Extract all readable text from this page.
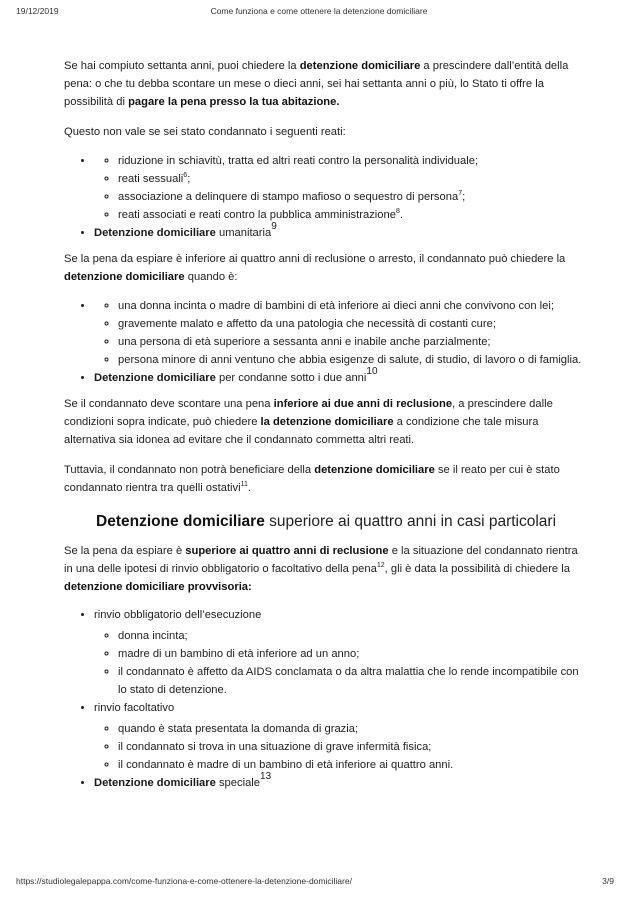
19/12/2019	Come funziona e come ottenere la detenzione domiciliare

Se hai compiuto settanta anni, puoi chiedere la detenzione domiciliare a prescindere dall’entità della pena: o che tu debba scontare un mese o dieci anni, sei hai settanta anni o più, lo Stato ti offre la possibilità di pagare la pena presso la tua abitazione.

Questo non vale se sei stato condannato i seguenti reati:

◦ • riduzione in schiavitù, tratta ed altri reati contro la personalità individuale;
◦ reati sessuali$^6$;
◦ associazione a delinquere di stampo mafioso o sequestro di persona$^7$;
◦ reati associati e reati contro la pubblica amministrazione$^8$.
• Detenzione domiciliare umanitaria$^9$

Se la pena da espiare è inferiore ai quattro anni di reclusione o arresto, il condannato può chiedere la detenzione domiciliare quando è:

◦ • una donna incinta o madre di bambini di età inferiore ai dieci anni che convivono con lei;
◦ gravemente malato e affetto da una patologia che necessità di costanti cure;
◦ una persona di età superiore a sessanta anni e inabile anche parzialmente;
◦ persona minore di anni ventuno che abbia esigenze di salute, di studio, di lavoro o di famiglia.
• Detenzione domiciliare per condanne sotto i due anni$^{10}$

Se il condannato deve scontare una pena inferiore ai due anni di reclusione, a prescindere dalle condizioni sopra indicate, può chiedere la detenzione domiciliare a condizione che tale misura alternativa sia idonea ad evitare che il condannato commetta altri reati.

Tuttavia, il condannato non potrà beneficiare della detenzione domiciliare se il reato per cui è stato condannato rientra tra quelli ostativi$^{11}$.

Detenzione domiciliare superiore ai quattro anni in casi particolari

Se la pena da espiare è superiore ai quattro anni di reclusione e la situazione del condannato rientra in una delle ipotesi di rinvio obbligatorio o facoltativo della pena$^{12}$, gli è data la possibilità di chiedere la detenzione domiciliare provvisoria:

• rinvio obbligatorio dell’esecuzione
◦ donna incinta;
◦ madre di un bambino di età inferiore ad un anno;
◦ il condannato è affetto da AIDS conclamata o da altra malattia che lo rende incompatibile con lo stato di detenzione.
• rinvio facoltativo
◦ quando è stata presentata la domanda di grazia;
◦ il condannato si trova in una situazione di grave infermità fisica;
◦ il condannato è madre di un bambino di età inferiore ai quattro anni.
• Detenzione domiciliare speciale$^{13}$
https://studiolegalepappa.com/come-funziona-e-come-ottenere-la-detenzione-domiciliare/	3/9
